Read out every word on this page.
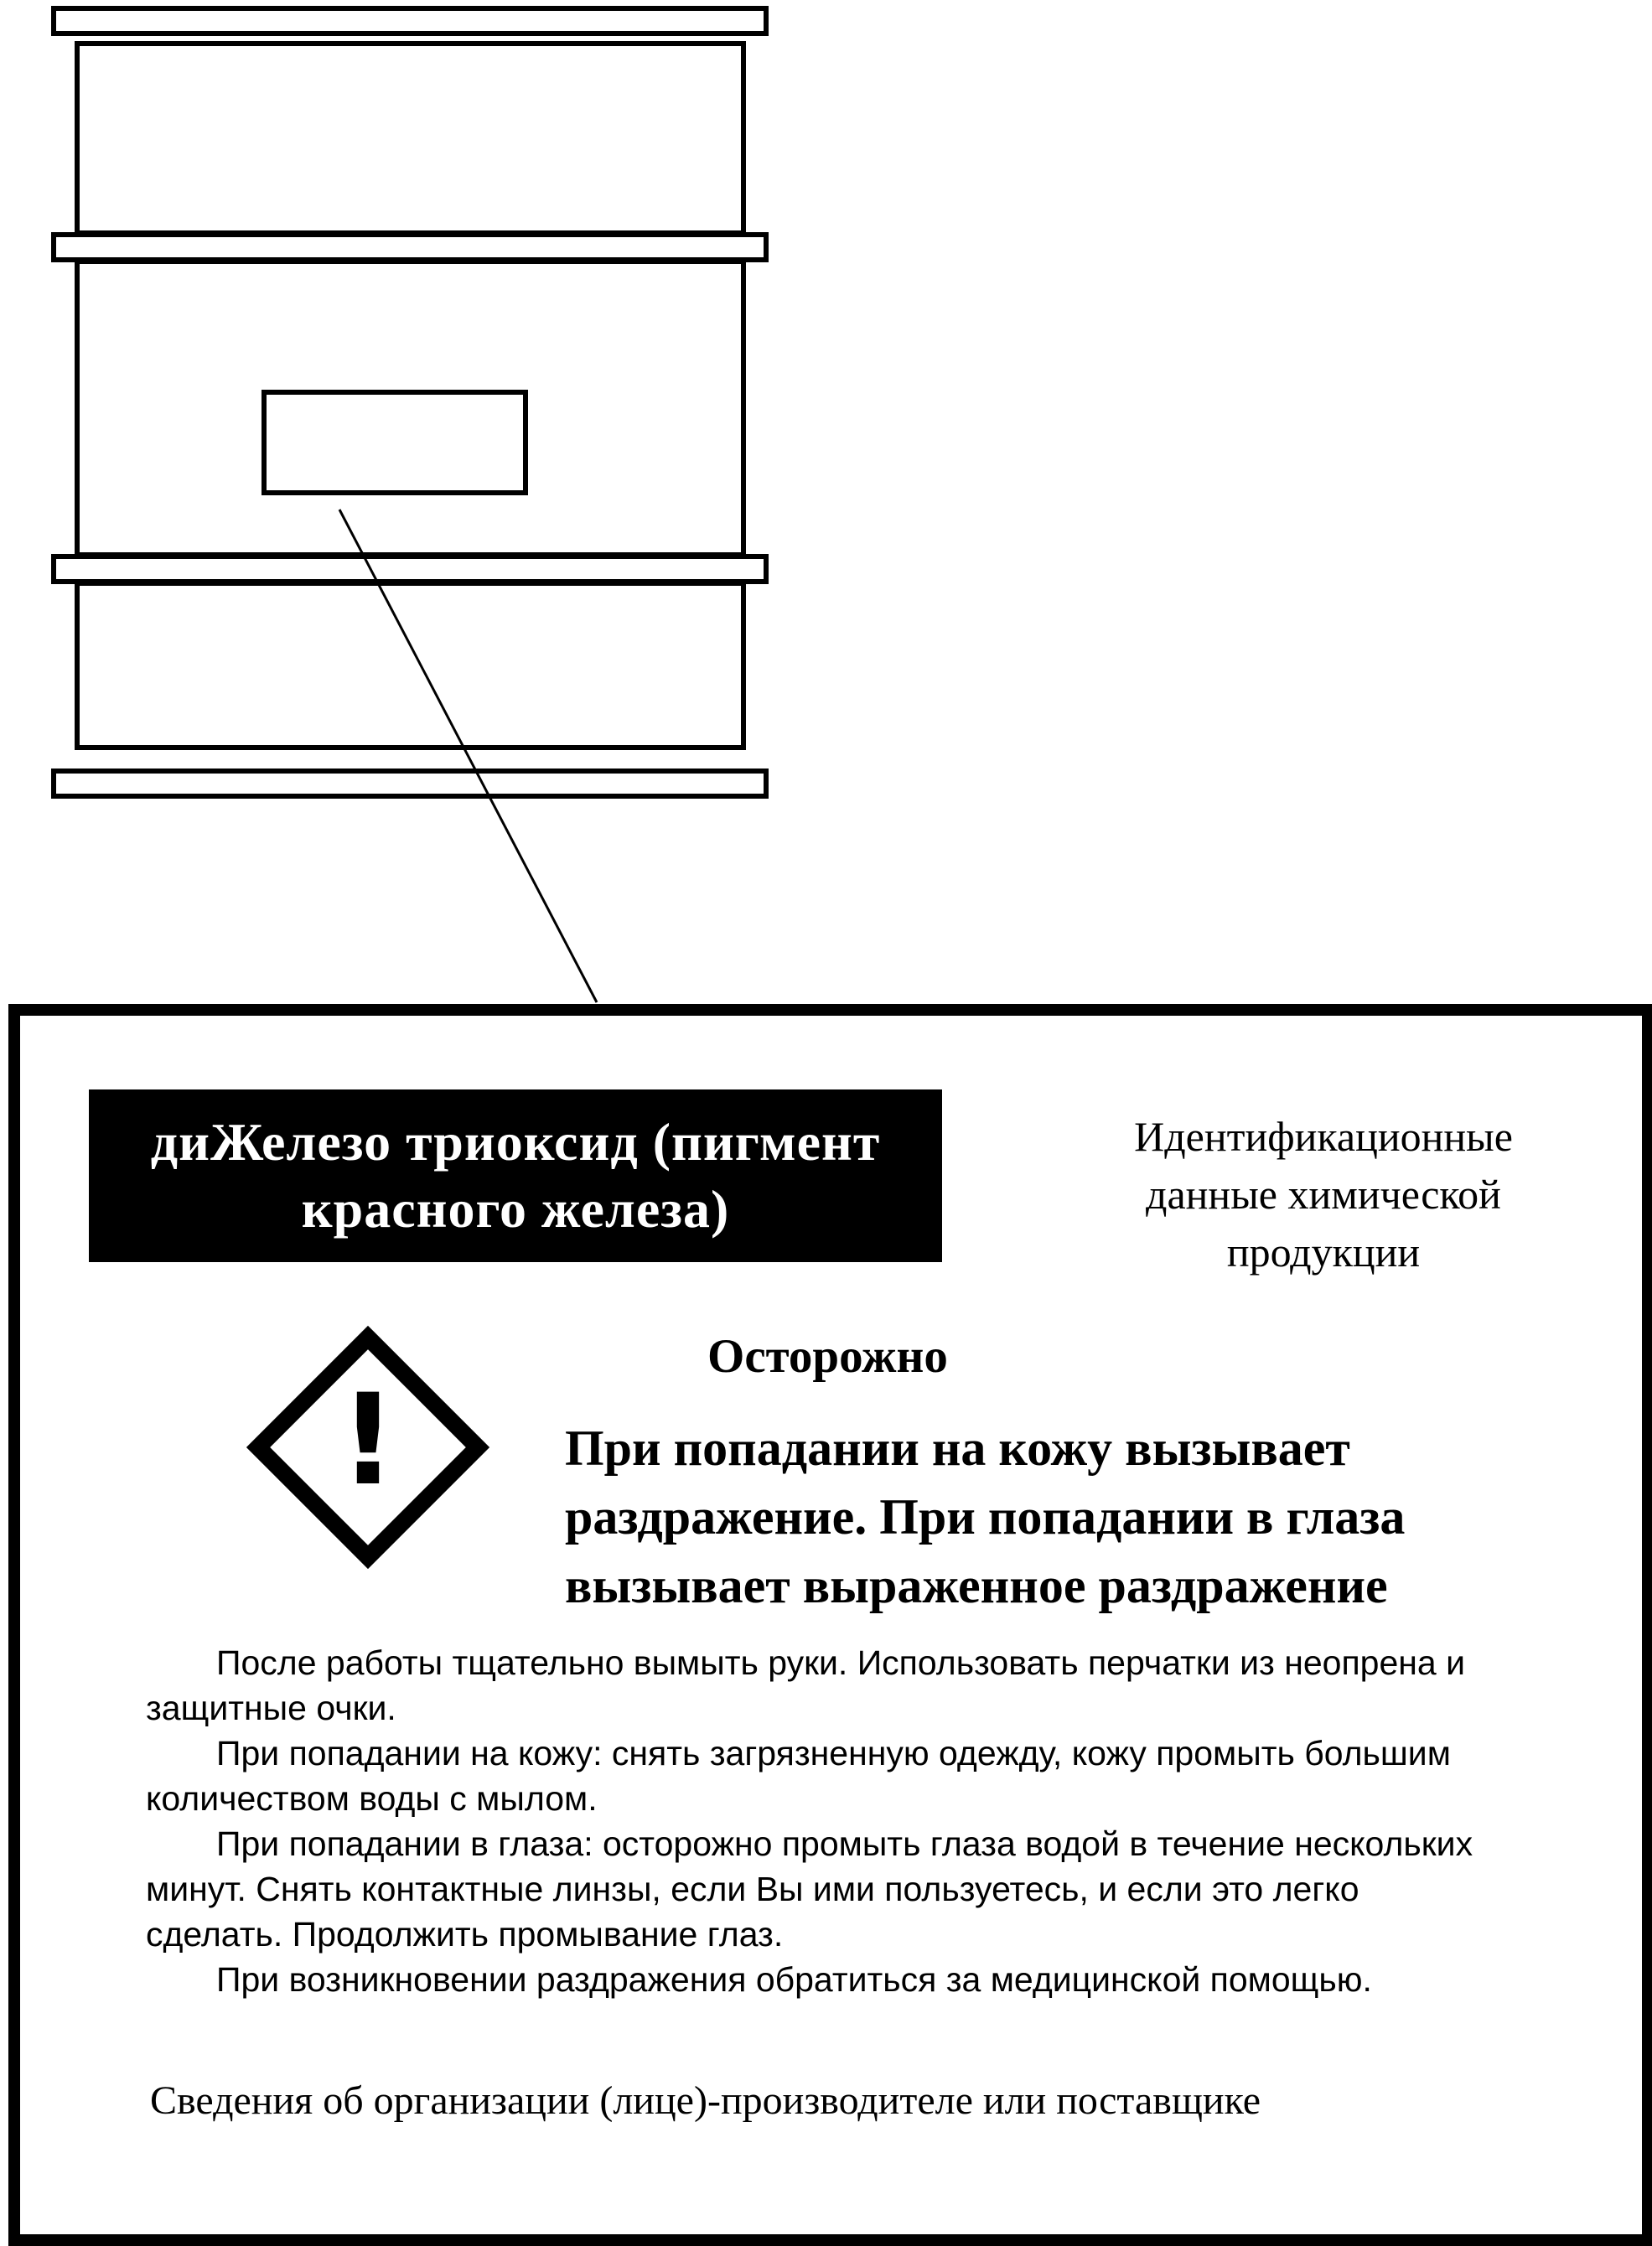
диЖелезо триоксид (пигмент красного железа)
Идентификационные данные химической продукции
!
Осторожно
При попадании на кожу вызывает раздражение. При попадании в глаза вызывает выраженное раздражение

После работы тщательно вымыть руки. Использовать перчатки из неопрена и защитные очки.

При попадании на кожу: снять загрязненную одежду, кожу промыть большим количеством воды с мылом.

При попадании в глаза: осторожно промыть глаза водой в течение нескольких минут. Снять контактные линзы, если Вы ими пользуетесь, и если это легко сделать. Продолжить промывание глаз.

При возникновении раздражения обратиться за медицинской помощью.

Сведения об организации (лице)-производителе или поставщике
